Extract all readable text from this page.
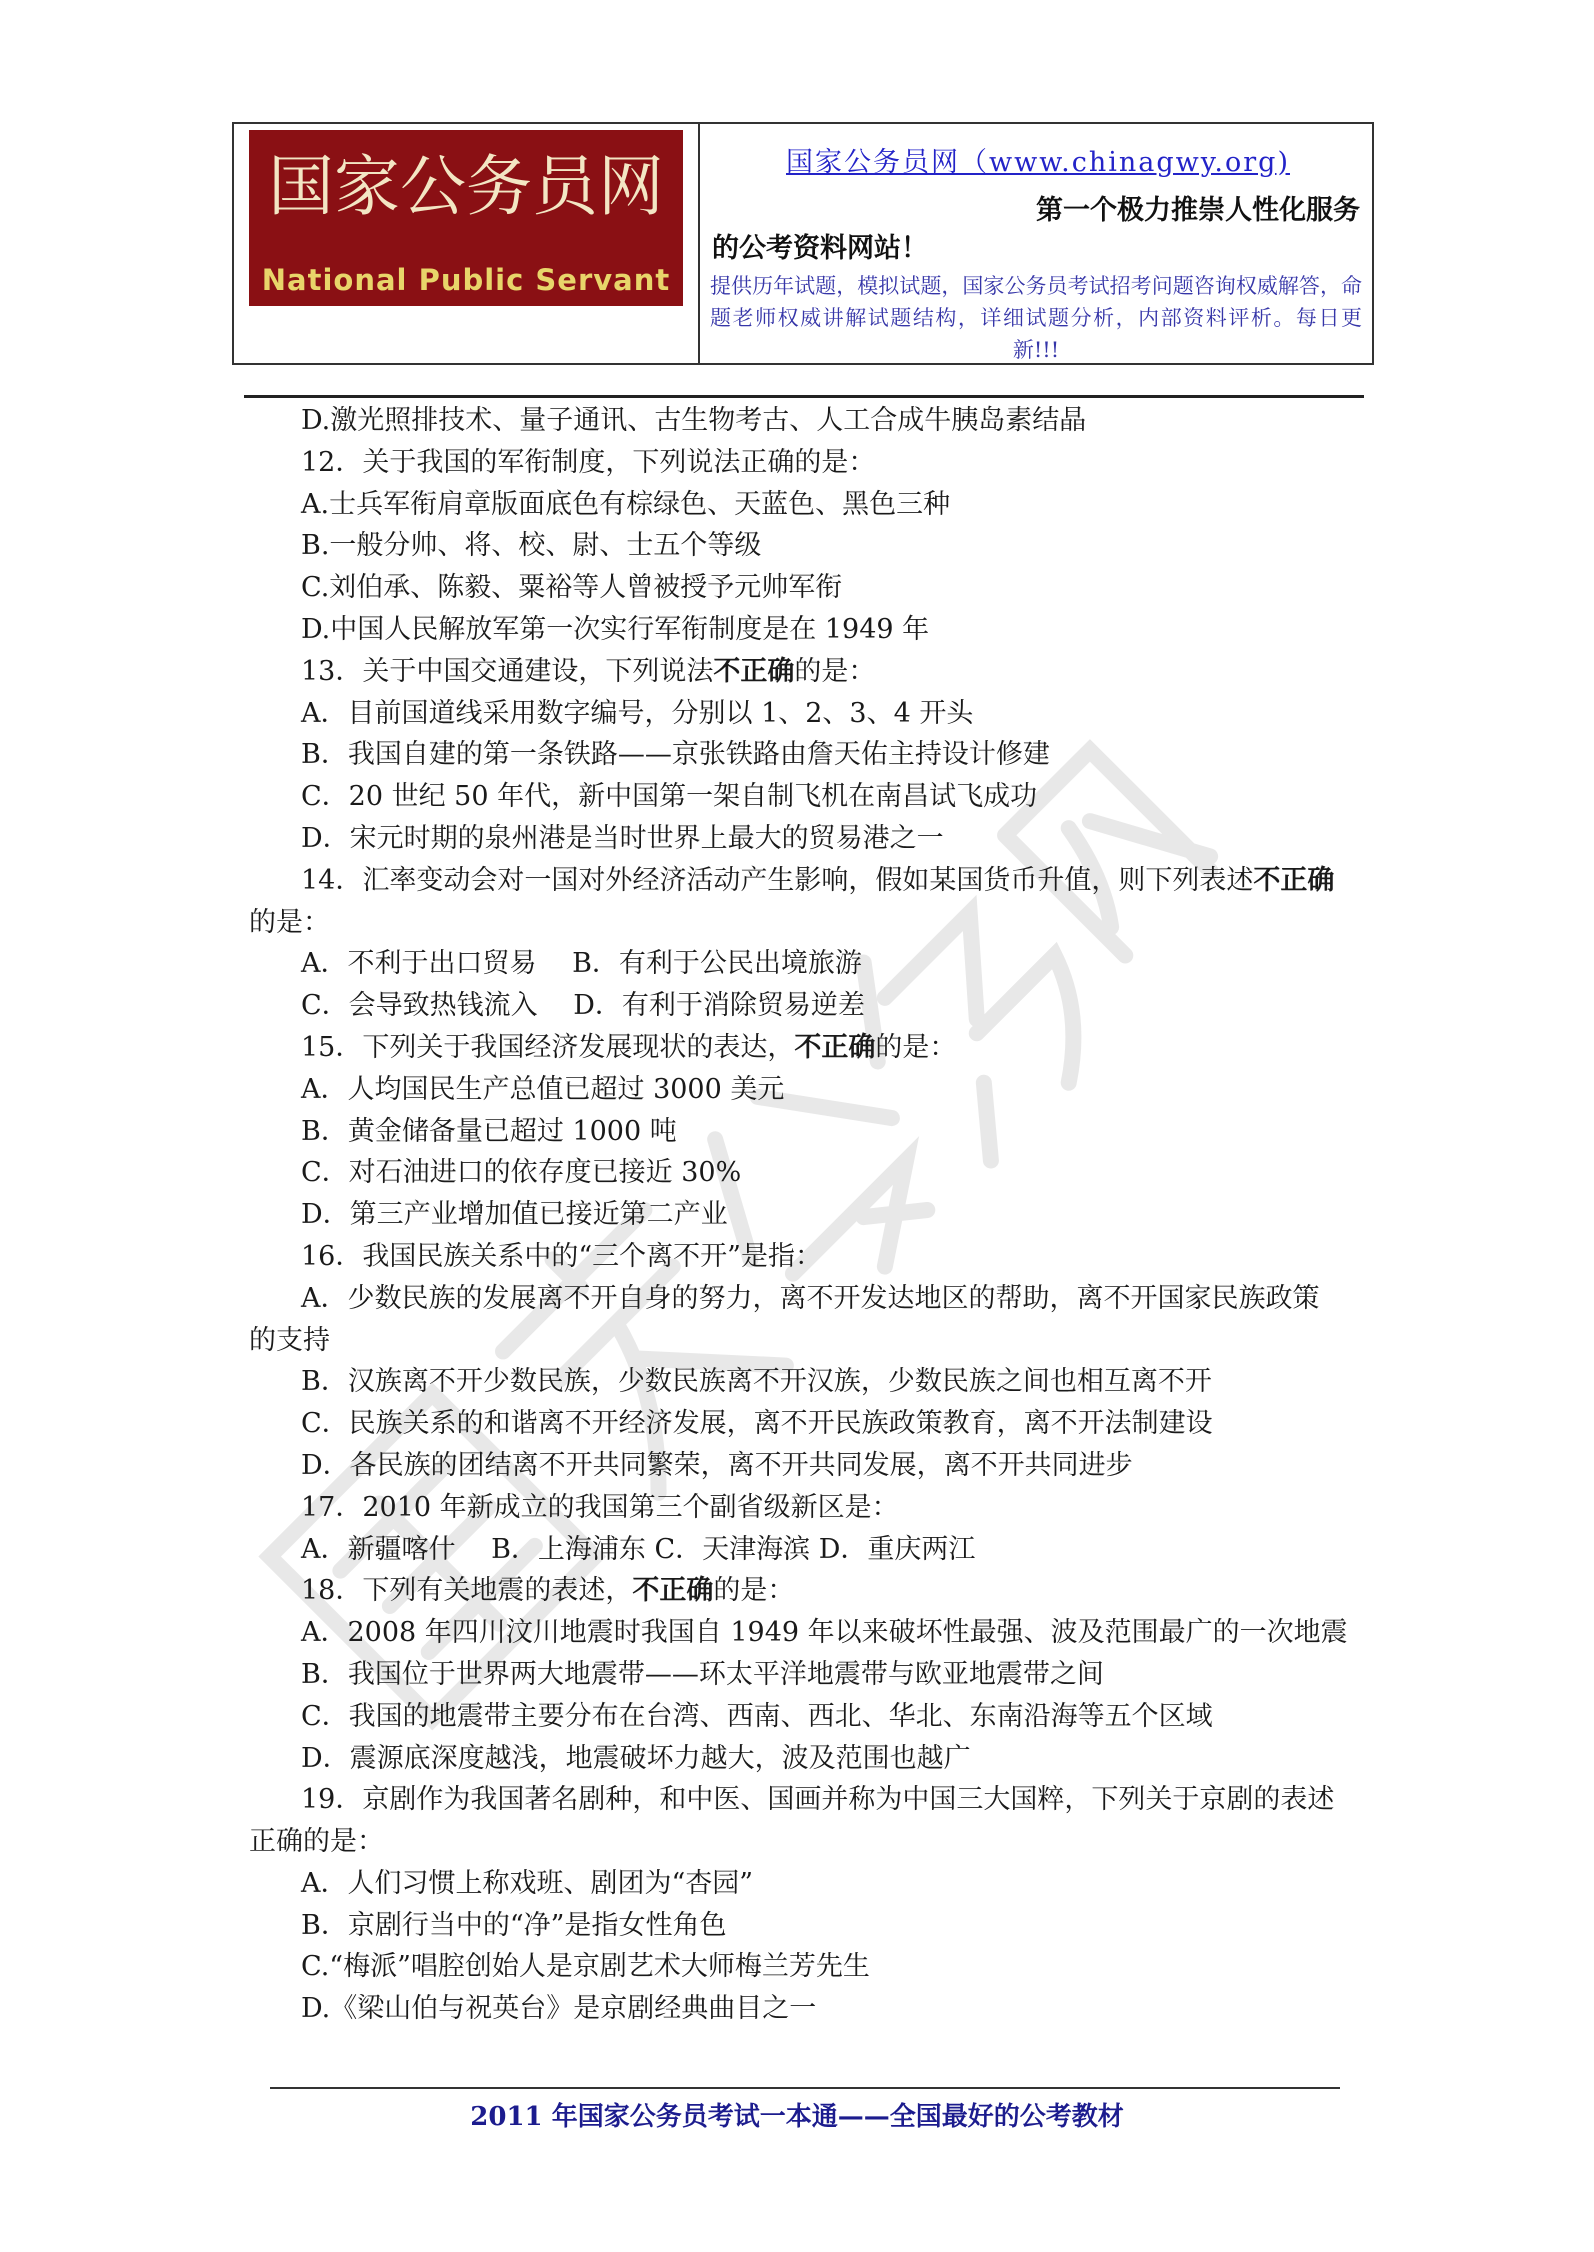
国家公务员网
National Public Servant
国家公务员网（www.chinagwy.org)
第一个极力推崇人性化服务
的公考资料网站！
提供历年试题，模拟试题，国家公务员考试招考问题咨询权威解答，命题老师权威讲解试题结构，详细试题分析，内部资料评析。每日更新!!!
D.激光照排技术、量子通讯、古生物考古、人工合成牛胰岛素结晶
12．关于我国的军衔制度，下列说法正确的是：
A.士兵军衔肩章版面底色有棕绿色、天蓝色、黑色三种
B.一般分帅、将、校、尉、士五个等级
C.刘伯承、陈毅、粟裕等人曾被授予元帅军衔
D.中国人民解放军第一次实行军衔制度是在 1949 年
13．关于中国交通建设，下列说法不正确的是：
A．目前国道线采用数字编号，分别以 1、2、3、4 开头
B．我国自建的第一条铁路——京张铁路由詹天佑主持设计修建
C．20 世纪 50 年代，新中国第一架自制飞机在南昌试飞成功
D．宋元时期的泉州港是当时世界上最大的贸易港之一
14．汇率变动会对一国对外经济活动产生影响，假如某国货币升值，则下列表述不正确
的是：
A．不利于出口贸易　 B．有利于公民出境旅游
C．会导致热钱流入　 D．有利于消除贸易逆差
15．下列关于我国经济发展现状的表达，不正确的是：
A．人均国民生产总值已超过 3000 美元
B．黄金储备量已超过 1000 吨
C．对石油进口的依存度已接近 30%
D．第三产业增加值已接近第二产业
16．我国民族关系中的“三个离不开”是指：
A．少数民族的发展离不开自身的努力，离不开发达地区的帮助，离不开国家民族政策
的支持
B．汉族离不开少数民族，少数民族离不开汉族，少数民族之间也相互离不开
C．民族关系的和谐离不开经济发展，离不开民族政策教育，离不开法制建设
D．各民族的团结离不开共同繁荣，离不开共同发展，离不开共同进步
17．2010 年新成立的我国第三个副省级新区是：
A．新疆喀什　 B．上海浦东 C．天津海滨 D．重庆两江
18．下列有关地震的表述，不正确的是：
A．2008 年四川汶川地震时我国自 1949 年以来破坏性最强、波及范围最广的一次地震
B．我国位于世界两大地震带——环太平洋地震带与欧亚地震带之间
C．我国的地震带主要分布在台湾、西南、西北、华北、东南沿海等五个区域
D．震源底深度越浅，地震破坏力越大，波及范围也越广
19．京剧作为我国著名剧种，和中医、国画并称为中国三大国粹，下列关于京剧的表述
正确的是：
A．人们习惯上称戏班、剧团为“杏园”
B．京剧行当中的“净”是指女性角色
C.“梅派”唱腔创始人是京剧艺术大师梅兰芳先生
D.《梁山伯与祝英台》是京剧经典曲目之一
2011 年国家公务员考试一本通——全国最好的公考教材
